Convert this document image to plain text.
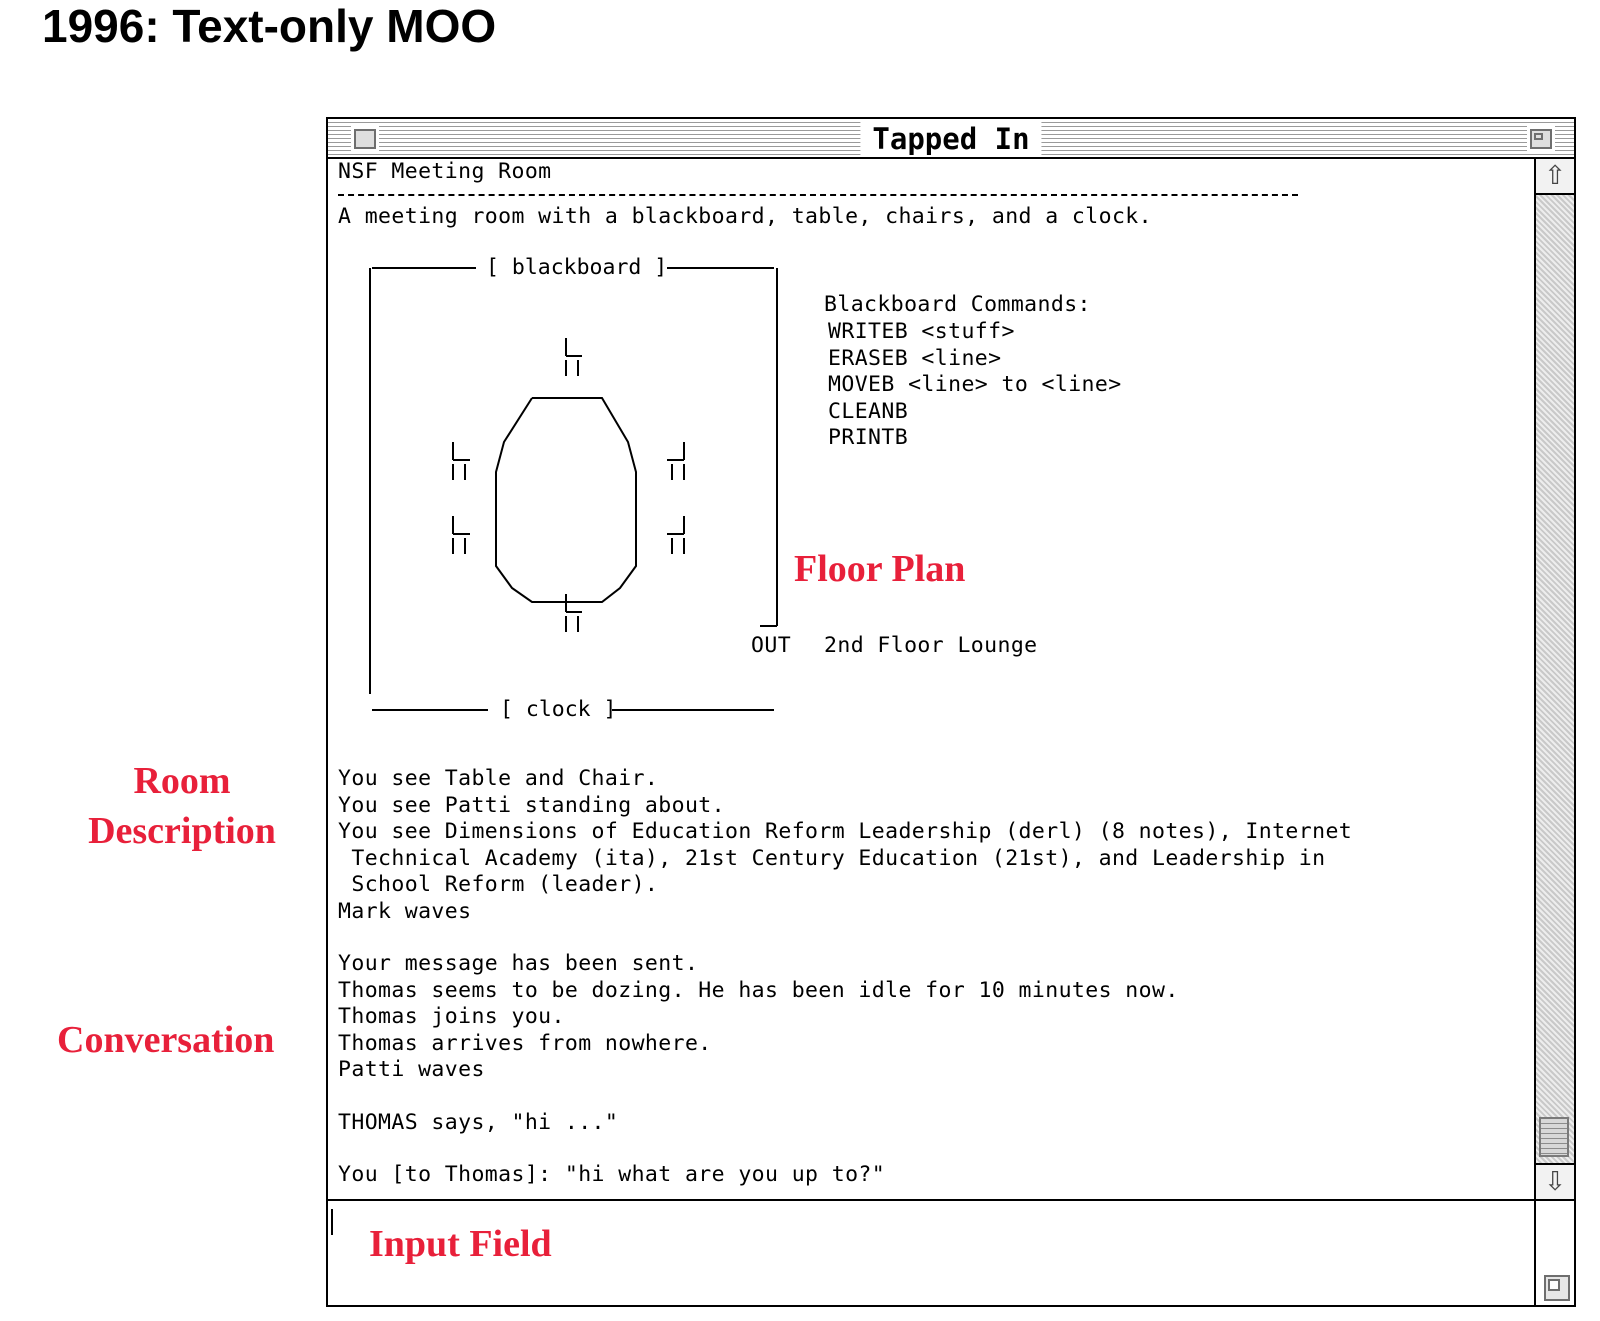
1996: Text-only MOO
Room
Description
Conversation
Tapped In
NSF Meeting Room
A meeting room with a blackboard, table, chairs, and a clock.
[ blackboard ]
[ clock ]
Blackboard Commands:
WRITEB <stuff>
ERASEB <line>
MOVEB <line> to <line>
CLEANB
PRINTB
Floor Plan
OUT	2nd Floor Lounge
You see Table and Chair.
You see Patti standing about.
You see Dimensions of Education Reform Leadership (derl) (8 notes), Internet
Technical Academy (ita), 21st Century Education (21st), and Leadership in
School Reform (leader).
Mark waves
Your message has been sent.
Thomas seems to be dozing. He has been idle for 10 minutes now.
Thomas joins you.
Thomas arrives from nowhere.
Patti waves
THOMAS says, "hi ..."
You [to Thomas]: "hi what are you up to?"
⇧
⇩
Input Field
